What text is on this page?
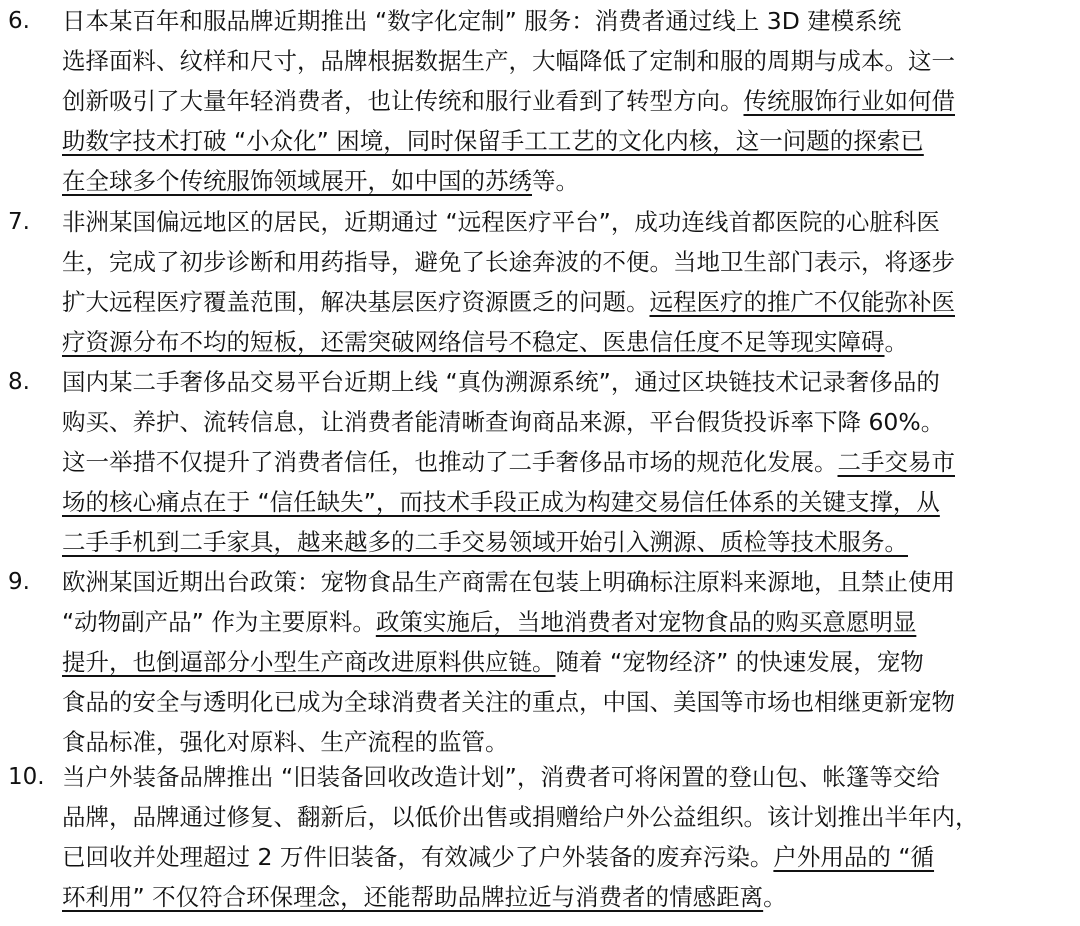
6. 日本某百年和服品牌近期推出 “数字化定制” 服务：消费者通过线上 3D 建模系统
选择面料、纹样和尺寸，品牌根据数据生产，大幅降低了定制和服的周期与成本。这一
创新吸引了大量年轻消费者，也让传统和服行业看到了转型方向。传统服饰行业如何借
助数字技术打破 “小众化” 困境，同时保留手工工艺的文化内核，这一问题的探索已
在全球多个传统服饰领域展开，如中国的苏绣等。
7. 非洲某国偏远地区的居民，近期通过 “远程医疗平台”，成功连线首都医院的心脏科医
生，完成了初步诊断和用药指导，避免了长途奔波的不便。当地卫生部门表示，将逐步
扩大远程医疗覆盖范围，解决基层医疗资源匮乏的问题。远程医疗的推广不仅能弥补医
疗资源分布不均的短板，还需突破网络信号不稳定、医患信任度不足等现实障碍。
8. 国内某二手奢侈品交易平台近期上线 “真伪溯源系统”，通过区块链技术记录奢侈品的
购买、养护、流转信息，让消费者能清晰查询商品来源，平台假货投诉率下降 60%。
这一举措不仅提升了消费者信任，也推动了二手奢侈品市场的规范化发展。二手交易市
场的核心痛点在于 “信任缺失”，而技术手段正成为构建交易信任体系的关键支撑，从
二手手机到二手家具，越来越多的二手交易领域开始引入溯源、质检等技术服务。
9. 欧洲某国近期出台政策：宠物食品生产商需在包装上明确标注原料来源地，且禁止使用
“动物副产品” 作为主要原料。政策实施后，当地消费者对宠物食品的购买意愿明显
提升，也倒逼部分小型生产商改进原料供应链。随着 “宠物经济” 的快速发展，宠物
食品的安全与透明化已成为全球消费者关注的重点，中国、美国等市场也相继更新宠物
食品标准，强化对原料、生产流程的监管。
10. 当户外装备品牌推出 “旧装备回收改造计划”，消费者可将闲置的登山包、帐篷等交给
品牌，品牌通过修复、翻新后，以低价出售或捐赠给户外公益组织。该计划推出半年内，
已回收并处理超过 2 万件旧装备，有效减少了户外装备的废弃污染。户外用品的 “循
环利用” 不仅符合环保理念，还能帮助品牌拉近与消费者的情感距离。
